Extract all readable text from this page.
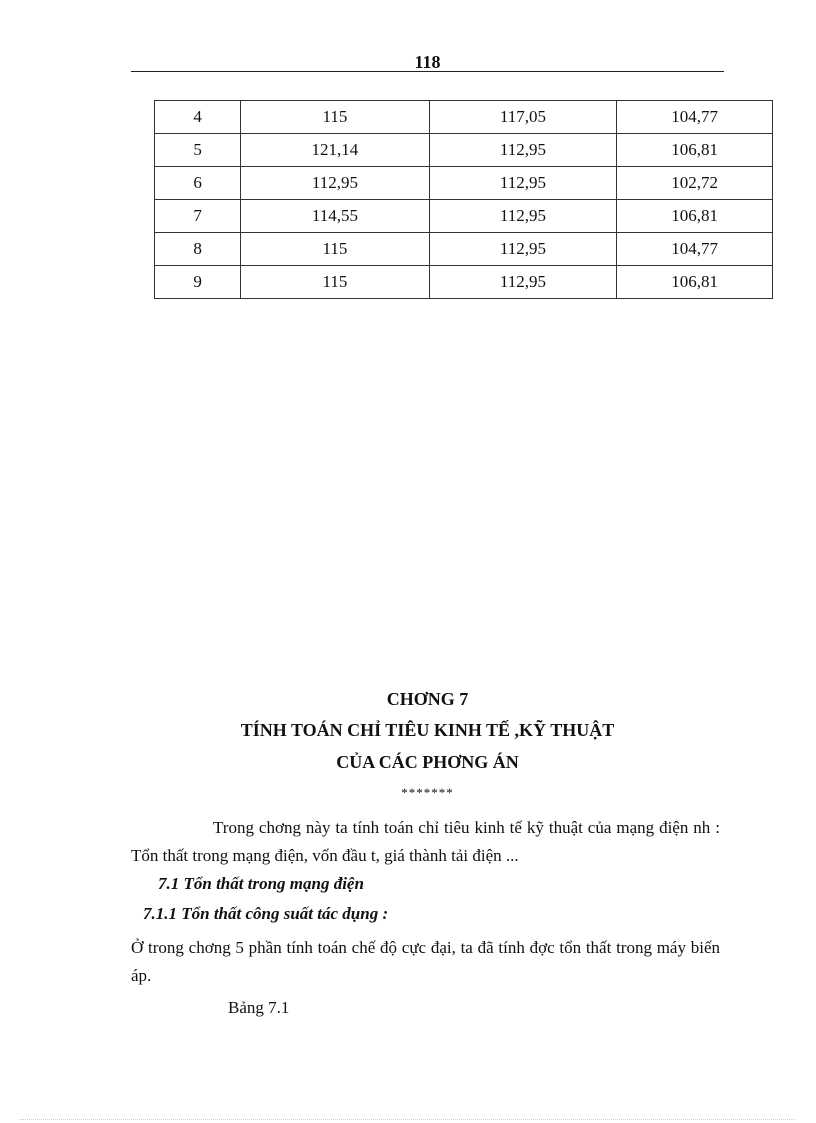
118
4	115	117,05	104,77
5	121,14	112,95	106,81
6	112,95	112,95	102,72
7	114,55	112,95	106,81
8	115	112,95	104,77
9	115	112,95	106,81
CHƠNG 7
TÍNH TOÁN CHỈ TIÊU KINH TẾ ,KỸ THUẬT
CỦA CÁC PHƠNG ÁN
*******
Trong chơng này ta tính toán chỉ tiêu kinh tế kỹ thuật của mạng điện nh : Tổn thất trong mạng điện, vốn đầu t, giá thành tải điện ...
7.1 Tổn thất trong mạng điện
7.1.1 Tổn thất công suất tác dụng :
Ở trong chơng 5 phần tính toán chế độ cực đại, ta đã tính đợc tổn thất trong máy biến áp.
Bảng 7.1
